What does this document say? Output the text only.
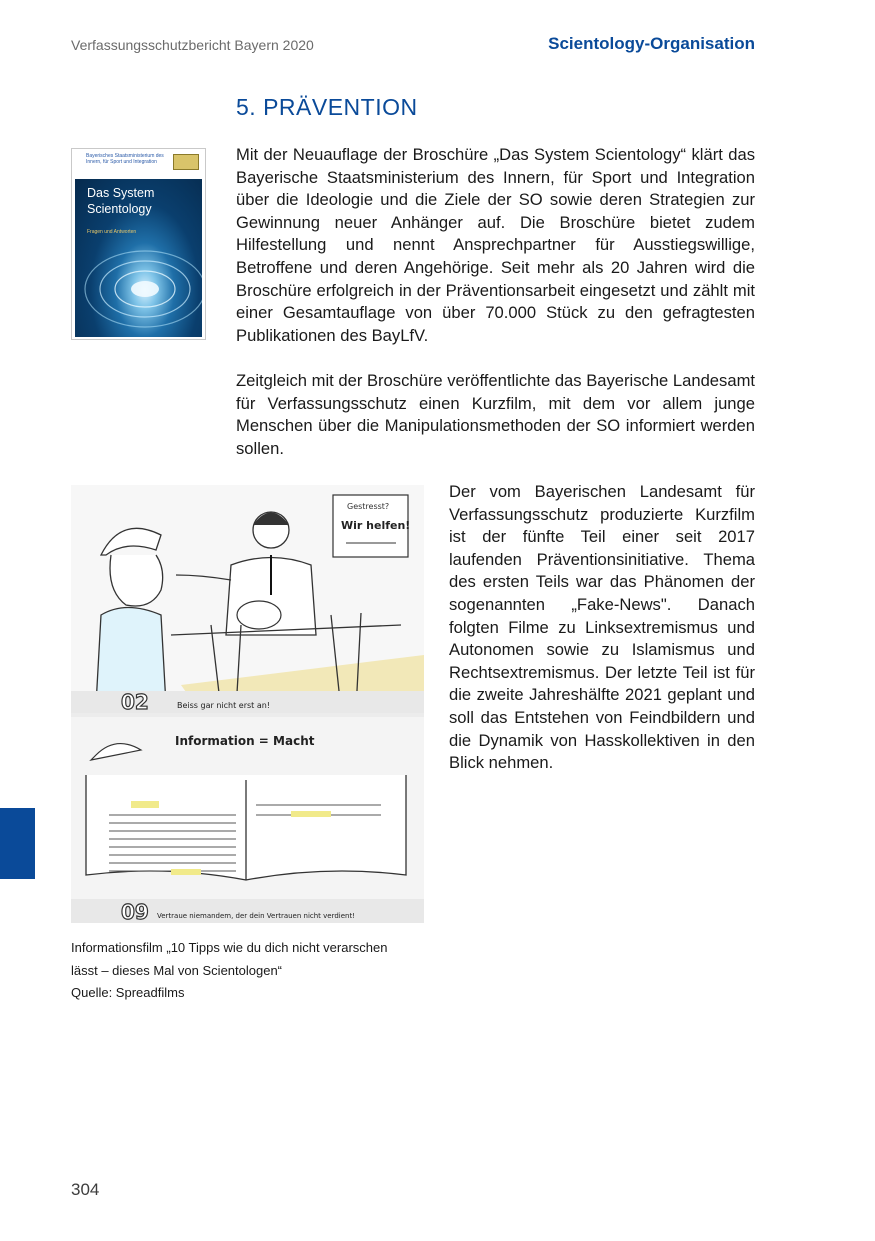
Verfassungsschutzbericht Bayern 2020	Scientology-Organisation
5. PRÄVENTION
Bayerisches Staatsministerium des Innern, für Sport und Integration
Das System
Scientology
Fragen und Antworten
Mit der Neuauflage der Broschüre „Das System Scientology“ klärt das Bayerische Staatsministerium des Innern, für Sport und Integration über die Ideologie und die Ziele der SO sowie deren Strategien zur Gewinnung neuer Anhänger auf. Die Broschüre bietet zudem Hilfestellung und nennt Ansprechpartner für Ausstiegswillige, Betroffene und deren Angehörige. Seit mehr als 20 Jahren wird die Broschüre erfolgreich in der Präventionsarbeit eingesetzt und zählt mit einer Gesamtauflage von über 70.000 Stück zu den gefragtesten Publikationen des BayLfV.
Zeitgleich mit der Broschüre veröffentlichte das Bayerische Landesamt für Verfassungsschutz einen Kurzfilm, mit dem vor allem junge Menschen über die Manipulationsmethoden der SO informiert werden sollen.
Gestresst?
Wir helfen!
02	Beiss gar nicht erst an!
Information = Macht
09 Vertraue niemandem, der dein Vertrauen nicht verdient!
Der vom Bayerischen Landesamt für Verfassungsschutz produzierte Kurzfilm ist der fünfte Teil einer seit 2017 laufenden Präventionsinitiative. Thema des ersten Teils war das Phänomen der sogenannten „Fake-News". Danach folgten Filme zu Linksextremismus und Autonomen sowie zu Islamismus und Rechtsextremismus. Der letzte Teil ist für die zweite Jahreshälfte 2021 geplant und soll das Entstehen von Feindbildern und die Dynamik von Hasskollektiven in den Blick nehmen.
Informationsfilm „10 Tipps wie du dich nicht verarschen
lässt – dieses Mal von Scientologen“
Quelle: Spreadfilms
304
